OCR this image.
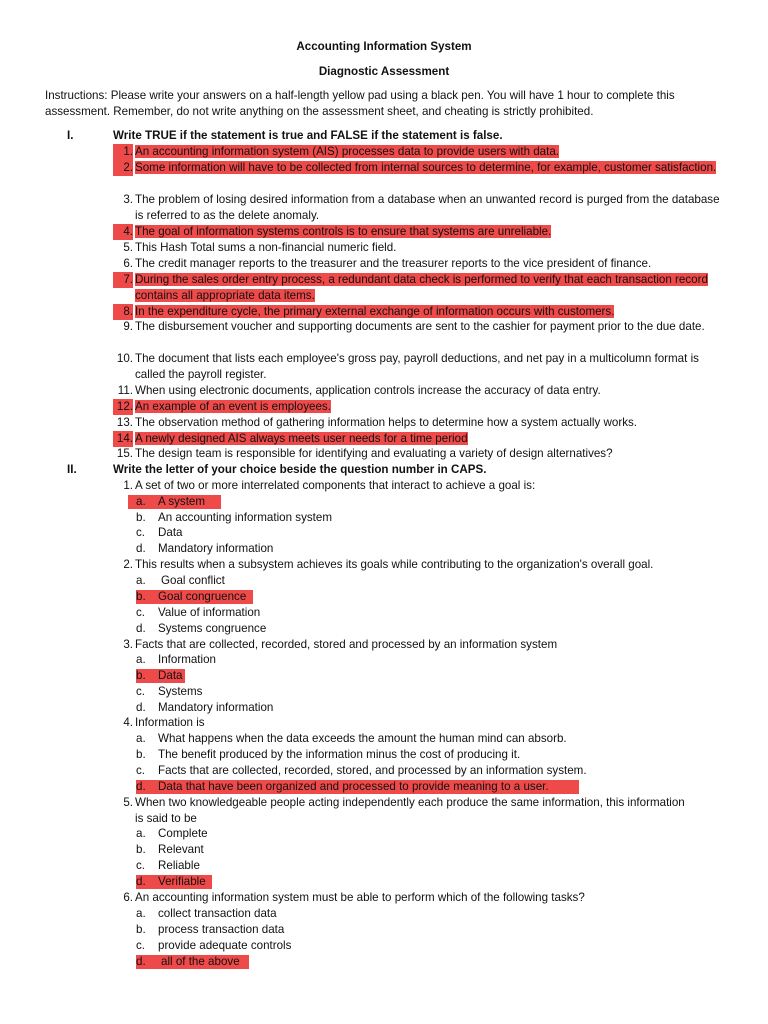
Accounting Information System
Diagnostic Assessment
Instructions: Please write your answers on a half-length yellow pad using a black pen. You will have 1 hour to complete this assessment. Remember, do not write anything on the assessment sheet, and cheating is strictly prohibited.
I.	Write TRUE if the statement is true and FALSE if the statement is false.
1. An accounting information system (AIS) processes data to provide users with data.
2. Some information will have to be collected from internal sources to determine, for example, customer satisfaction.
3. The problem of losing desired information from a database when an unwanted record is purged from the database is referred to as the delete anomaly.
4. The goal of information systems controls is to ensure that systems are unreliable.
5. This Hash Total sums a non-financial numeric field.
6. The credit manager reports to the treasurer and the treasurer reports to the vice president of finance.
7. During the sales order entry process, a redundant data check is performed to verify that each transaction record contains all appropriate data items.
8. In the expenditure cycle, the primary external exchange of information occurs with customers.
9. The disbursement voucher and supporting documents are sent to the cashier for payment prior to the due date.
10. The document that lists each employee's gross pay, payroll deductions, and net pay in a multicolumn format is called the payroll register.
11. When using electronic documents, application controls increase the accuracy of data entry.
12. An example of an event is employees.
13. The observation method of gathering information helps to determine how a system actually works.
14. A newly designed AIS always meets user needs for a time period
15. The design team is responsible for identifying and evaluating a variety of design alternatives?
II.	Write the letter of your choice beside the question number in CAPS.
1. A set of two or more interrelated components that interact to achieve a goal is:
a. A system
b. An accounting information system
c. Data
d. Mandatory information
2. This results when a subsystem achieves its goals while contributing to the organization's overall goal.
a. Goal conflict
b. Goal congruence
c. Value of information
d. Systems congruence
3. Facts that are collected, recorded, stored and processed by an information system
a. Information
b. Data
c. Systems
d. Mandatory information
4. Information is
a. What happens when the data exceeds the amount the human mind can absorb.
b. The benefit produced by the information minus the cost of producing it.
c. Facts that are collected, recorded, stored, and processed by an information system.
d. Data that have been organized and processed to provide meaning to a user.
5. When two knowledgeable people acting independently each produce the same information, this information is said to be
a. Complete
b. Relevant
c. Reliable
d. Verifiable
6. An accounting information system must be able to perform which of the following tasks?
a. collect transaction data
b. process transaction data
c. provide adequate controls
d. all of the above
